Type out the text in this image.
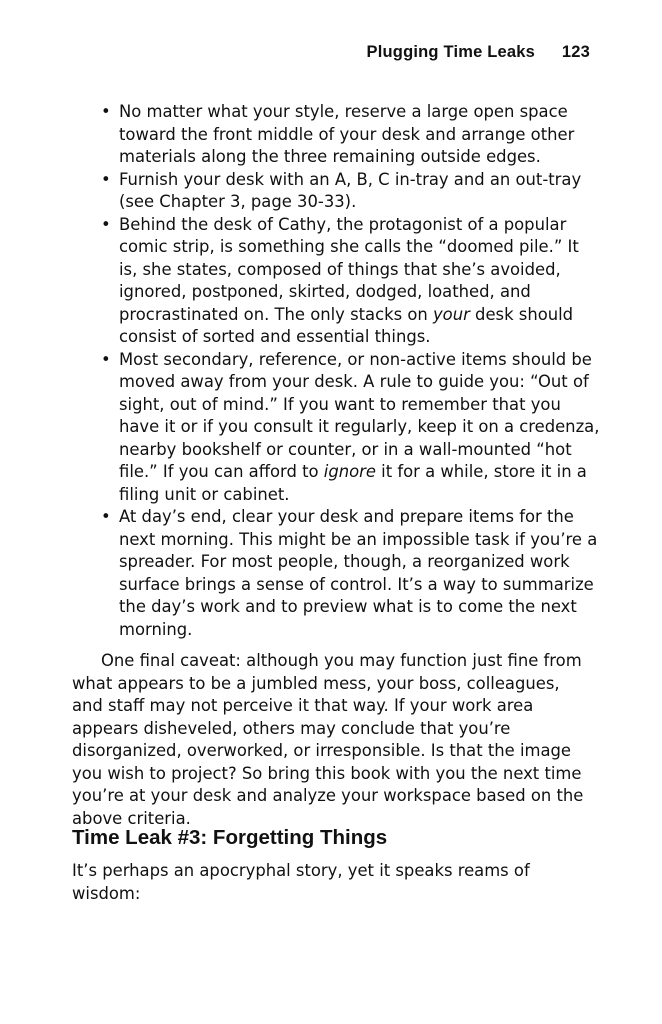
Plugging Time Leaks 123
• No matter what your style, reserve a large open space toward the front middle of your desk and arrange other materials along the three remaining outside edges.
• Furnish your desk with an A, B, C in-tray and an out-tray (see Chapter 3, page 30-33).
• Behind the desk of Cathy, the protagonist of a popular comic strip, is something she calls the “doomed pile.” It is, she states, composed of things that she’s avoided, ignored, postponed, skirted, dodged, loathed, and procrastinated on. The only stacks on your desk should consist of sorted and essential things.
• Most secondary, reference, or non-active items should be moved away from your desk. A rule to guide you: “Out of sight, out of mind.” If you want to remember that you have it or if you consult it regularly, keep it on a credenza, nearby bookshelf or counter, or in a wall-mounted “hot file.” If you can afford to ignore it for a while, store it in a filing unit or cabinet.
• At day’s end, clear your desk and prepare items for the next morning. This might be an impossible task if you’re a spreader. For most people, though, a reorganized work surface brings a sense of control. It’s a way to summarize the day’s work and to preview what is to come the next morning.

One final caveat: although you may function just fine from what appears to be a jumbled mess, your boss, colleagues, and staff may not perceive it that way. If your work area appears disheveled, others may conclude that you’re disorganized, overworked, or irresponsible. Is that the image you wish to project? So bring this book with you the next time you’re at your desk and analyze your workspace based on the above criteria.

Time Leak #3: Forgetting Things

It’s perhaps an apocryphal story, yet it speaks reams of wisdom:
